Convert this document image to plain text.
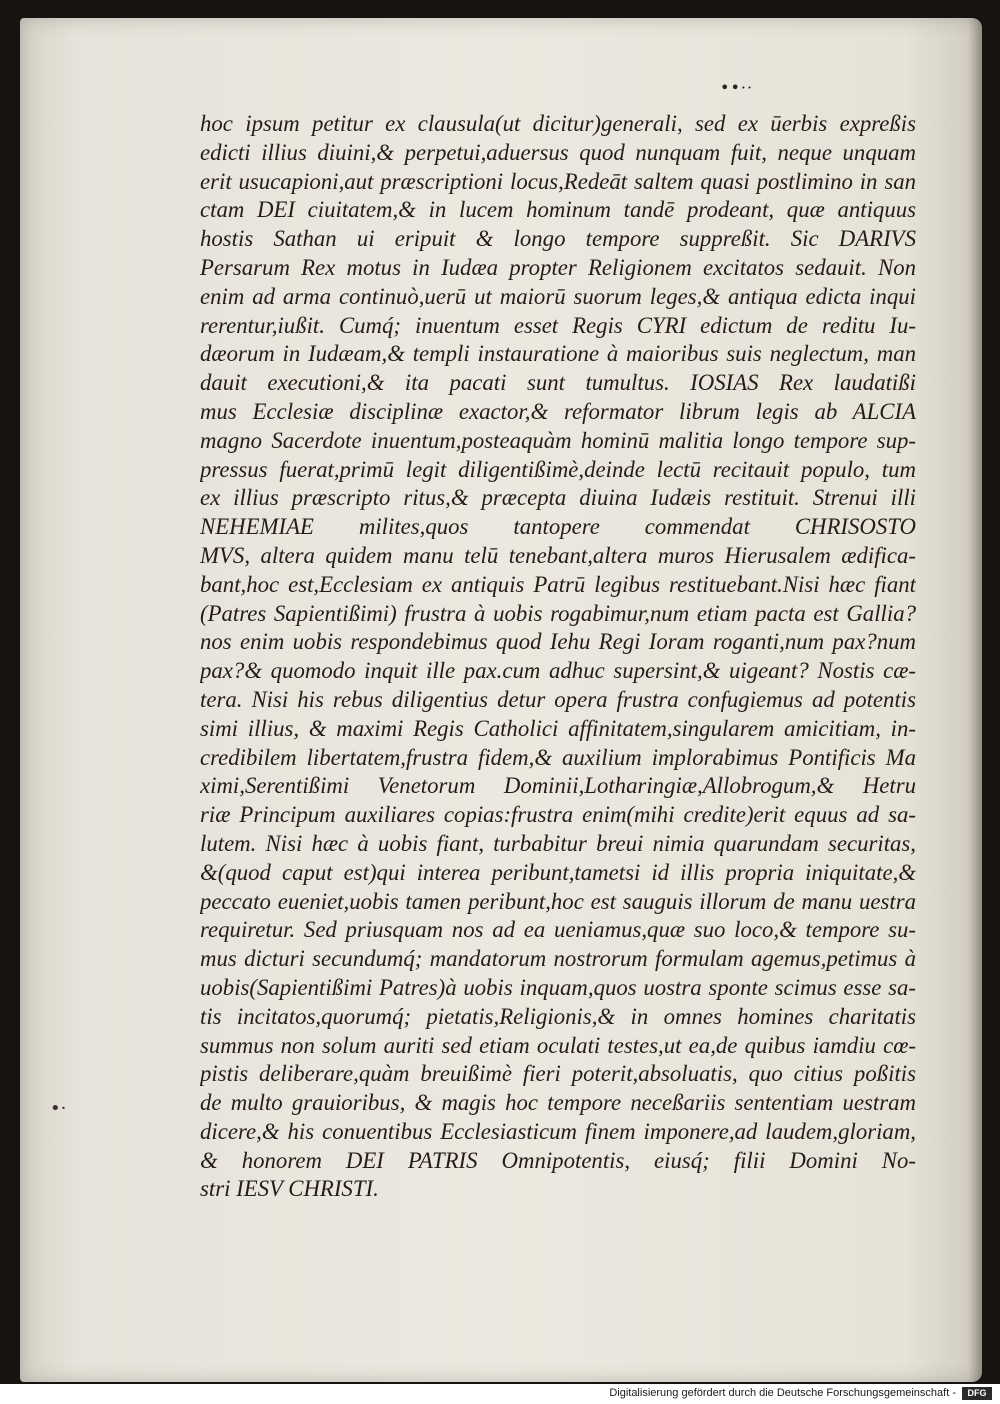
••··
•·
hoc ipsum petitur ex clausula(ut dicitur)generali, sed ex ūerbis expreßis
edicti illius diuini,& perpetui,aduersus quod nunquam fuit, neque unquam
erit usucapioni,aut præscriptioni locus,Redeāt saltem quasi postlimino in san
ctam DEI ciuitatem,& in lucem hominum tandē prodeant, quæ antiquus
hostis Sathan ui eripuit & longo tempore suppreßit. Sic DARIVS
Persarum Rex motus in Iudæa propter Religionem excitatos sedauit. Non
enim ad arma continuò,uerū ut maiorū suorum leges,& antiqua edicta inqui
rerentur,iußit. Cumq́; inuentum esset Regis CYRI edictum de reditu Iu-
dæorum in Iudæam,& templi instauratione à maioribus suis neglectum, man
dauit executioni,& ita pacati sunt tumultus. IOSIAS Rex laudatißi
mus Ecclesiæ disciplinæ exactor,& reformator librum legis ab ALCIA
magno Sacerdote inuentum,posteaquàm hominū malitia longo tempore sup-
pressus fuerat,primū legit diligentißimè,deinde lectū recitauit populo, tum
ex illius præscripto ritus,& præcepta diuina Iudæis restituit. Strenui illi
NEHEMIAE milites,quos tantopere commendat CHRISOSTO
MVS, altera quidem manu telū tenebant,altera muros Hierusalem ædifica-
bant,hoc est,Ecclesiam ex antiquis Patrū legibus restituebant.Nisi hæc fiant
(Patres Sapientißimi) frustra à uobis rogabimur,num etiam pacta est Gallia?
nos enim uobis respondebimus quod Iehu Regi Ioram roganti,num pax?num
pax?& quomodo inquit ille pax.cum adhuc supersint,& uigeant? Nostis cæ-
tera. Nisi his rebus diligentius detur opera frustra confugiemus ad potentis
simi illius, & maximi Regis Catholici affinitatem,singularem amicitiam, in-
credibilem libertatem,frustra fidem,& auxilium implorabimus Pontificis Ma
ximi,Serentißimi Venetorum Dominii,Lotharingiæ,Allobrogum,& Hetru
riæ Principum auxiliares copias:frustra enim(mihi credite)erit equus ad sa-
lutem. Nisi hæc à uobis fiant, turbabitur breui nimia quarundam securitas,
&(quod caput est)qui interea peribunt,tametsi id illis propria iniquitate,&
peccato eueniet,uobis tamen peribunt,hoc est sauguis illorum de manu uestra
requiretur. Sed priusquam nos ad ea ueniamus,quæ suo loco,& tempore su-
mus dicturi secundumq́; mandatorum nostrorum formulam agemus,petimus à
uobis(Sapientißimi Patres)à uobis inquam,quos uostra sponte scimus esse sa-
tis incitatos,quorumq́; pietatis,Religionis,& in omnes homines charitatis
summus non solum auriti sed etiam oculati testes,ut ea,de quibus iamdiu cœ-
pistis deliberare,quàm breuißimè fieri poterit,absoluatis, quo citius poßitis
de multo grauioribus, & magis hoc tempore neceßariis sententiam uestram
dicere,& his conuentibus Ecclesiasticum finem imponere,ad laudem,gloriam,
& honorem DEI PATRIS Omnipotentis, eiusq́; filii Domini No-
stri IESV CHRISTI.
Digitalisierung gefördert durch die Deutsche Forschungsgemeinschaft -	DFG
